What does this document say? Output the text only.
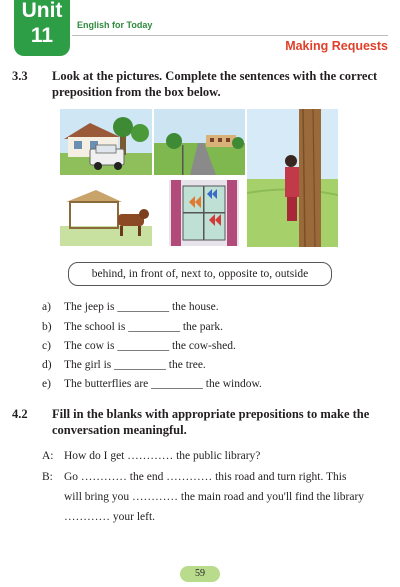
Unit
11	English for Today
Making Requests
3.3 Look at the pictures. Complete the sentences with the correct
preposition from the box below.
behind, in front of, next to, opposite to, outside
a) The jeep is _________ the house.
b) The school is _________ the park.
c) The cow is _________ the cow-shed.
d) The girl is _________ the tree.
e) The butterflies are _________ the window.
4.2 Fill in the blanks with appropriate prepositions to make the
conversation meaningful.
A: How do I get ………… the public library?
B: Go ………… the end ………… this road and turn right. This
will bring you ………… the main road and you'll find the library
………… your left.
59
